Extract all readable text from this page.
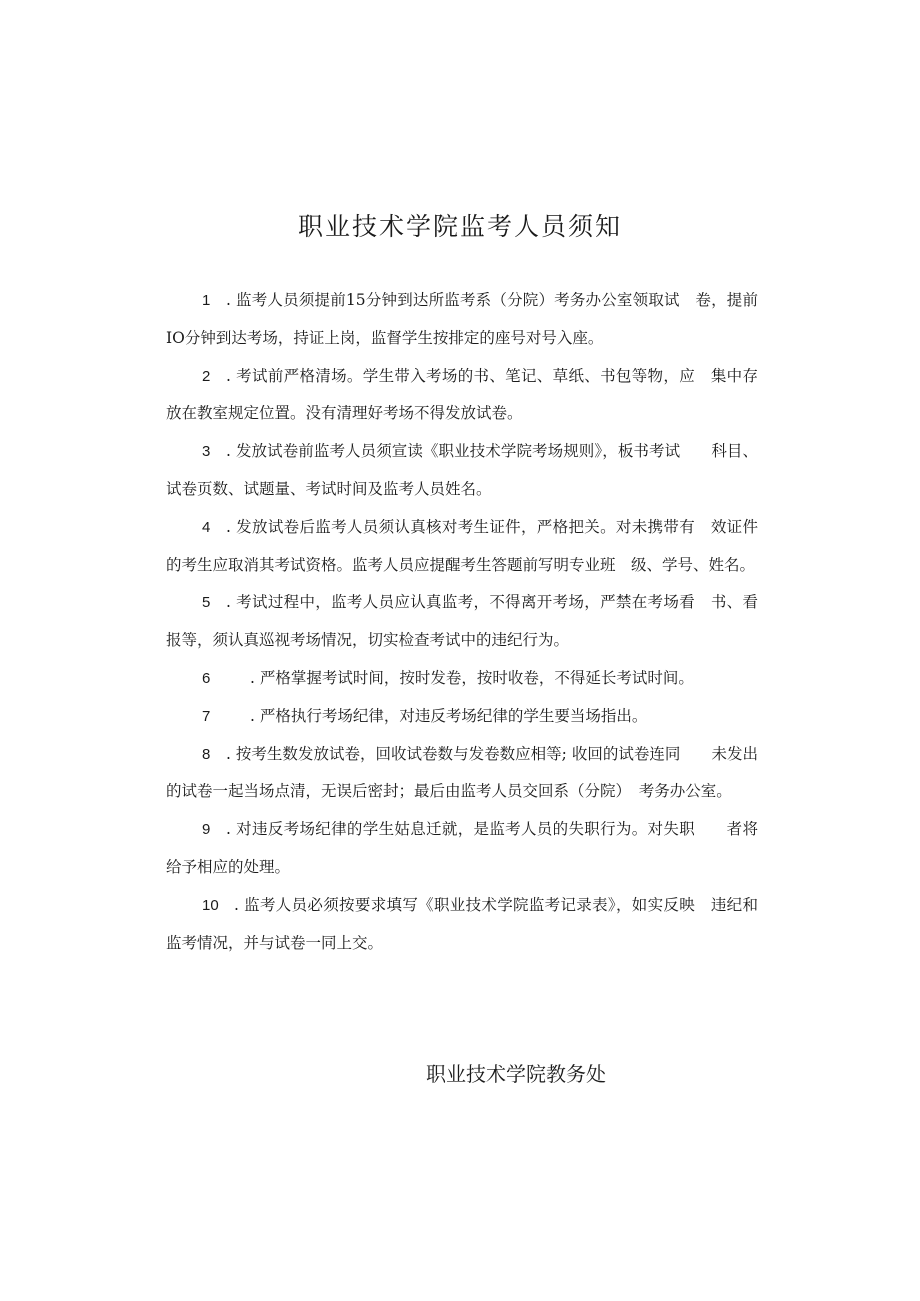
职业技术学院监考人员须知
1 . 监考人员须提前15分钟到达所监考系（分院）考务办公室领取试　卷，提前IO分钟到达考场，持证上岗，监督学生按排定的座号对号入座。
2 . 考试前严格清场。学生带入考场的书、笔记、草纸、书包等物，应　集中存放在教室规定位置。没有清理好考场不得发放试卷。
3 . 发放试卷前监考人员须宣读《职业技术学院考场规则》，板书考试　　科目、试卷页数、试题量、考试时间及监考人员姓名。
4 . 发放试卷后监考人员须认真核对考生证件，严格把关。对未携带有　效证件的考生应取消其考试资格。监考人员应提醒考生答题前写明专业班　级、学号、姓名。
5 . 考试过程中，监考人员应认真监考，不得离开考场，严禁在考场看　书、看报等，须认真巡视考场情况，切实检查考试中的违纪行为。
6	. 严格掌握考试时间，按时发卷，按时收卷，不得延长考试时间。
7	. 严格执行考场纪律，对违反考场纪律的学生要当场指出。
8 . 按考生数发放试卷，回收试卷数与发卷数应相等; 收回的试卷连同　　未发出的试卷一起当场点清，无误后密封；最后由监考人员交回系（分院）　考务办公室。
9 . 对违反考场纪律的学生姑息迁就，是监考人员的失职行为。对失职　　者将给予相应的处理。
10 . 监考人员必须按要求填写《职业技术学院监考记录表》，如实反映　违纪和监考情况，并与试卷一同上交。

职业技术学院教务处
